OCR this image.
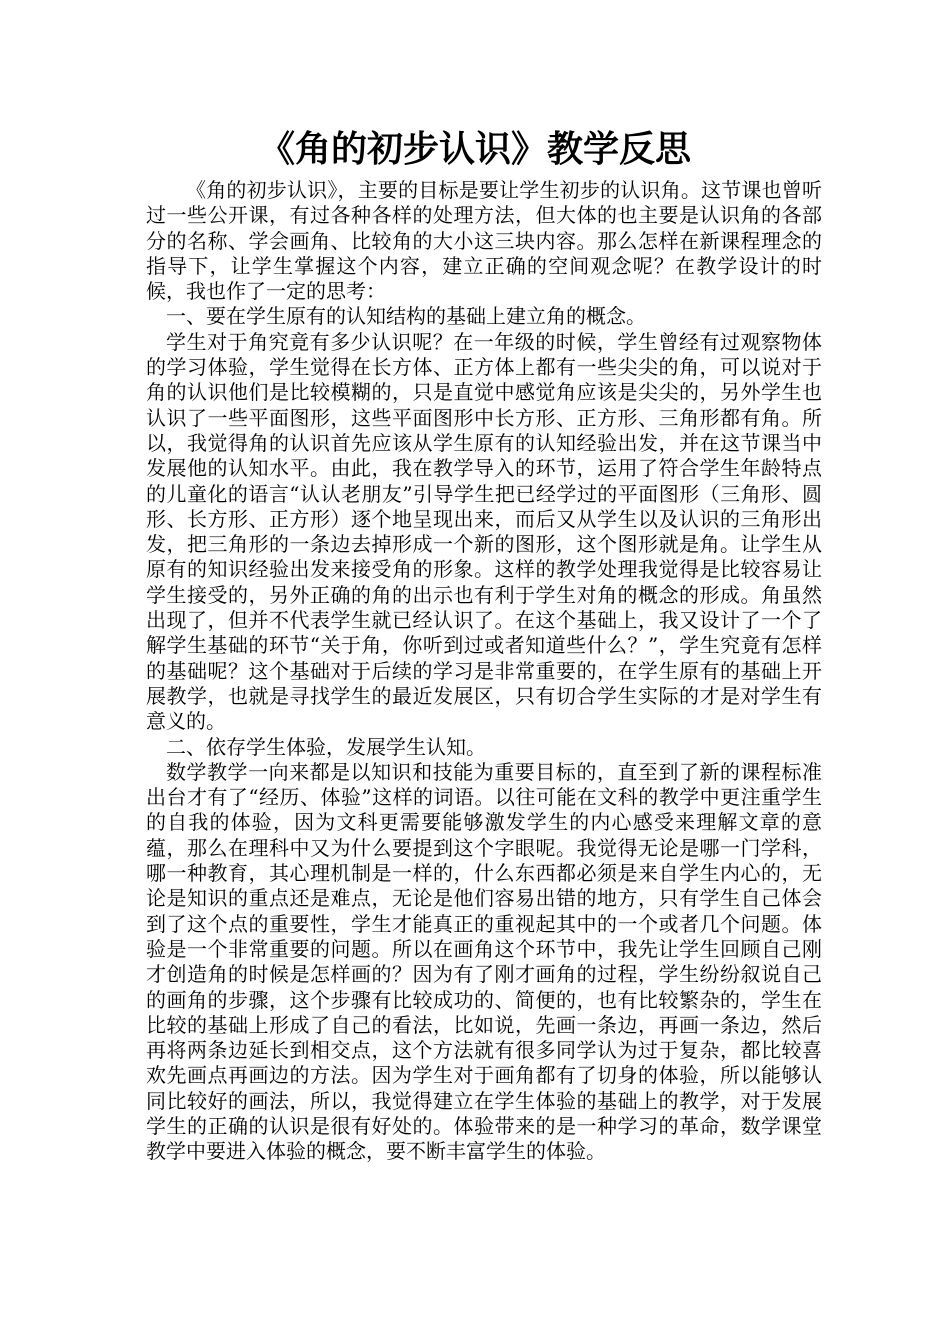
《角的初步认识》教学反思

《角的初步认识》，主要的目标是要让学生初步的认识角。这节课也曾听过一些公开课，有过各种各样的处理方法，但大体的也主要是认识角的各部分的名称、学会画角、比较角的大小这三块内容。那么怎样在新课程理念的指导下，让学生掌握这个内容，建立正确的空间观念呢？在教学设计的时候，我也作了一定的思考：

一、要在学生原有的认知结构的基础上建立角的概念。

学生对于角究竟有多少认识呢？在一年级的时候，学生曾经有过观察物体的学习体验，学生觉得在长方体、正方体上都有一些尖尖的角，可以说对于角的认识他们是比较模糊的，只是直觉中感觉角应该是尖尖的，另外学生也认识了一些平面图形，这些平面图形中长方形、正方形、三角形都有角。所以，我觉得角的认识首先应该从学生原有的认知经验出发，并在这节课当中发展他的认知水平。由此，我在教学导入的环节，运用了符合学生年龄特点的儿童化的语言“认认老朋友”引导学生把已经学过的平面图形（三角形、圆形、长方形、正方形）逐个地呈现出来，而后又从学生以及认识的三角形出发，把三角形的一条边去掉形成一个新的图形，这个图形就是角。让学生从原有的知识经验出发来接受角的形象。这样的教学处理我觉得是比较容易让学生接受的，另外正确的角的出示也有利于学生对角的概念的形成。角虽然出现了，但并不代表学生就已经认识了。在这个基础上，我又设计了一个了解学生基础的环节“关于角，你听到过或者知道些什么？”，学生究竟有怎样的基础呢？这个基础对于后续的学习是非常重要的，在学生原有的基础上开展教学，也就是寻找学生的最近发展区，只有切合学生实际的才是对学生有意义的。

二、依存学生体验，发展学生认知。

数学教学一向来都是以知识和技能为重要目标的，直至到了新的课程标准出台才有了“经历、体验”这样的词语。以往可能在文科的教学中更注重学生的自我的体验，因为文科更需要能够激发学生的内心感受来理解文章的意蕴，那么在理科中又为什么要提到这个字眼呢。我觉得无论是哪一门学科，哪一种教育，其心理机制是一样的，什么东西都必须是来自学生内心的，无论是知识的重点还是难点，无论是他们容易出错的地方，只有学生自己体会到了这个点的重要性，学生才能真正的重视起其中的一个或者几个问题。体验是一个非常重要的问题。所以在画角这个环节中，我先让学生回顾自己刚才创造角的时候是怎样画的？因为有了刚才画角的过程，学生纷纷叙说自己的画角的步骤，这个步骤有比较成功的、简便的，也有比较繁杂的，学生在比较的基础上形成了自己的看法，比如说，先画一条边，再画一条边，然后再将两条边延长到相交点，这个方法就有很多同学认为过于复杂，都比较喜欢先画点再画边的方法。因为学生对于画角都有了切身的体验，所以能够认同比较好的画法，所以，我觉得建立在学生体验的基础上的教学，对于发展学生的正确的认识是很有好处的。体验带来的是一种学习的革命，数学课堂教学中要进入体验的概念，要不断丰富学生的体验。
